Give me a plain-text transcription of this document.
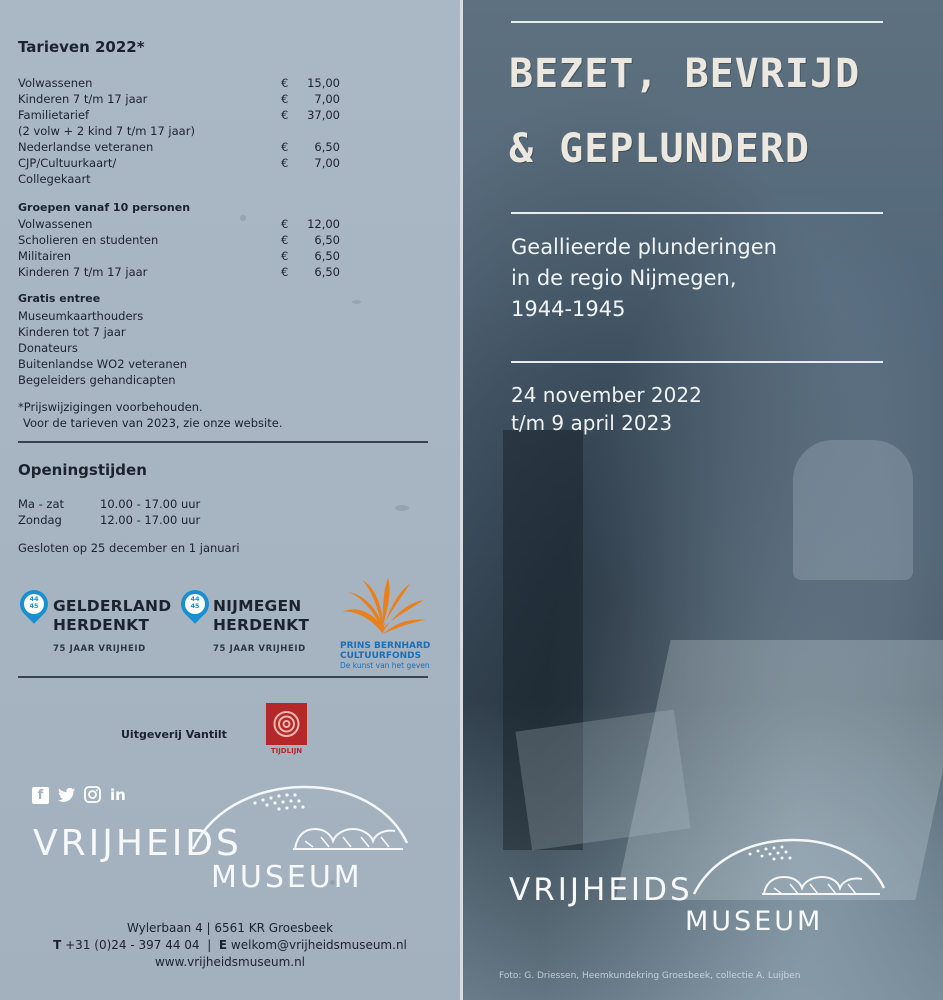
Tarieven 2022*
Volwassenen	€	15,00
Kinderen 7 t/m 17 jaar	€	7,00
Familietarief	€	37,00
(2 volw + 2 kind 7 t/m 17 jaar)
Nederlandse veteranen	€	6,50
CJP/Cultuurkaart/	€	7,00
Collegekaart
Groepen vanaf 10 personen
Volwassenen	€	12,00
Scholieren en studenten	€	6,50
Militairen	€	6,50
Kinderen 7 t/m 17 jaar	€	6,50
Gratis entree
Museumkaarthouders
Kinderen tot 7 jaar
Donateurs
Buitenlandse WO2 veteranen
Begeleiders gehandicapten
*Prijswijzigingen voorbehouden.
Voor de tarieven van 2023, zie onze website.
Openingstijden
Ma - zat	10.00 - 17.00 uur
Zondag	12.00 - 17.00 uur
Gesloten op 25 december en 1 januari
44 45 GELDERLAND
HERDENKT
75 JAAR VRIJHEID
44 45 NIJMEGEN
HERDENKT
75 JAAR VRIJHEID	PRINS BERNHARD
CULTUURFONDS
De kunst van het geven
Uitgeverij Vantilt
TIJDLIJN
f	in
VRIJHEIDS
MUSEUM
Wylerbaan 4 | 6561 KR Groesbeek
T +31 (0)24 - 397 44 04  |  E welkom@vrijheidsmuseum.nl
www.vrijheidsmuseum.nl
BEZET, BEVRIJD
& GEPLUNDERD
Geallieerde plunderingen
in de regio Nijmegen,
1944-1945
24 november 2022
t/m 9 april 2023
VRIJHEIDS
MUSEUM
Foto: G. Driessen, Heemkundekring Groesbeek, collectie A. Luijben
